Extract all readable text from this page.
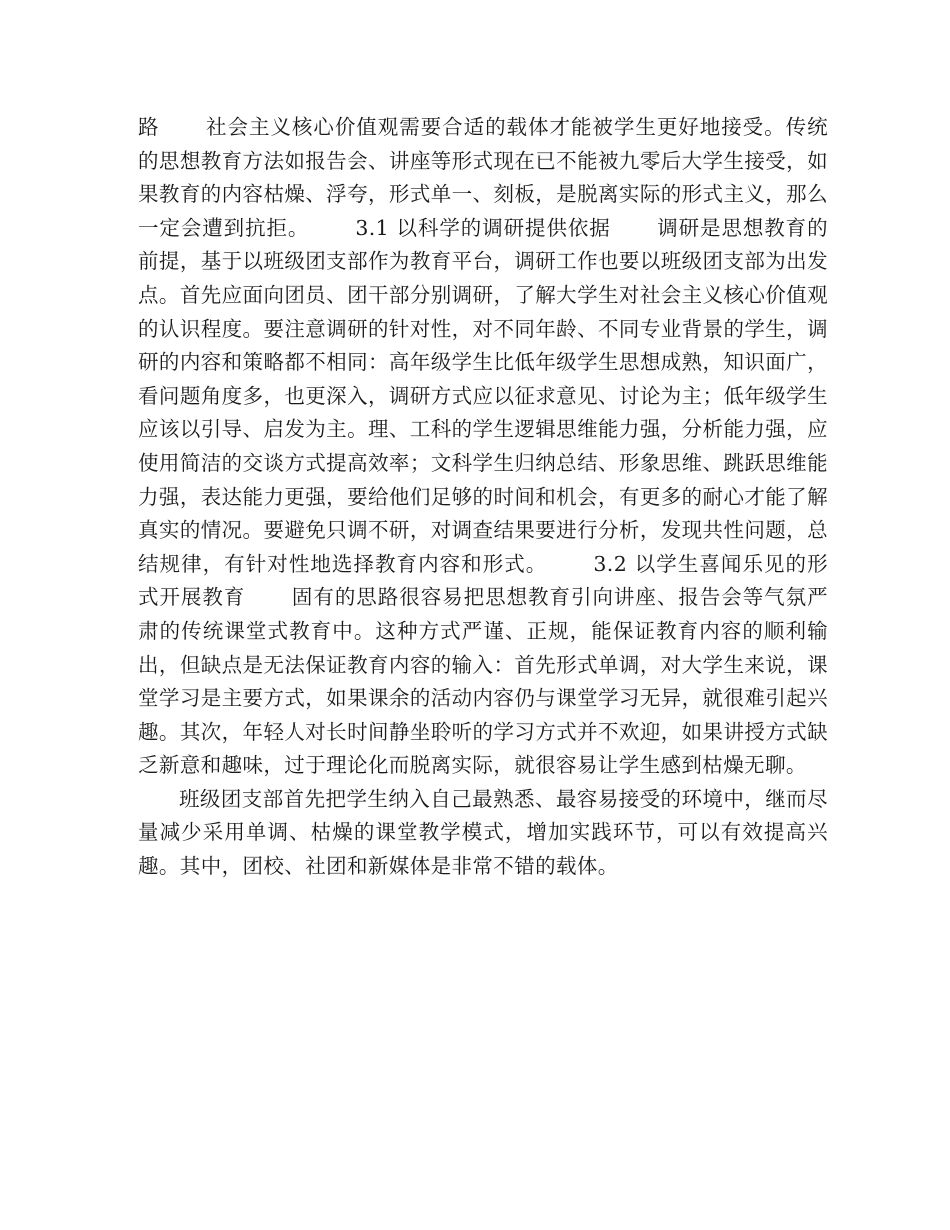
路 社会主义核心价值观需要合适的载体才能被学生更好地接受。传统的思想教育方法如报告会、讲座等形式现在已不能被九零后大学生接受，如果教育的内容枯燥、浮夸，形式单一、刻板，是脱离实际的形式主义，那么一定会遭到抗拒。 3.1 以科学的调研提供依据 调研是思想教育的前提，基于以班级团支部作为教育平台，调研工作也要以班级团支部为出发点。首先应面向团员、团干部分别调研，了解大学生对社会主义核心价值观的认识程度。要注意调研的针对性，对不同年龄、不同专业背景的学生，调研的内容和策略都不相同：高年级学生比低年级学生思想成熟，知识面广，看问题角度多，也更深入，调研方式应以征求意见、讨论为主；低年级学生应该以引导、启发为主。理、工科的学生逻辑思维能力强，分析能力强，应使用简洁的交谈方式提高效率；文科学生归纳总结、形象思维、跳跃思维能力强，表达能力更强，要给他们足够的时间和机会，有更多的耐心才能了解真实的情况。要避免只调不研，对调查结果要进行分析，发现共性问题，总结规律，有针对性地选择教育内容和形式。 3.2 以学生喜闻乐见的形式开展教育 固有的思路很容易把思想教育引向讲座、报告会等气氛严肃的传统课堂式教育中。这种方式严谨、正规，能保证教育内容的顺利输出，但缺点是无法保证教育内容的输入：首先形式单调，对大学生来说，课堂学习是主要方式，如果课余的活动内容仍与课堂学习无异，就很难引起兴趣。其次，年轻人对长时间静坐聆听的学习方式并不欢迎，如果讲授方式缺乏新意和趣味，过于理论化而脱离实际，就很容易让学生感到枯燥无聊。

班级团支部首先把学生纳入自己最熟悉、最容易接受的环境中，继而尽量减少采用单调、枯燥的课堂教学模式，增加实践环节，可以有效提高兴趣。其中，团校、社团和新媒体是非常不错的载体。
